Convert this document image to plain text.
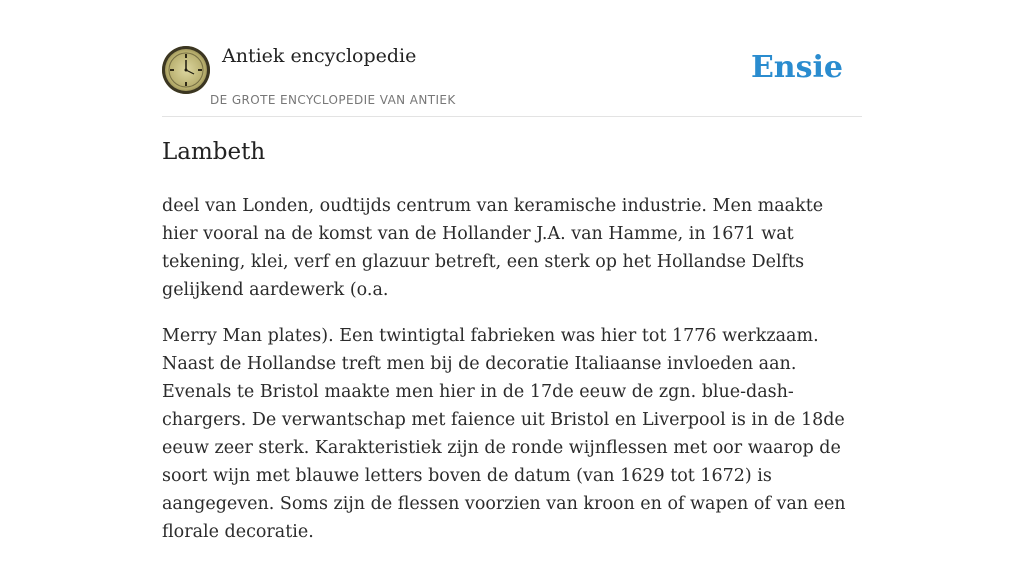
Antiek encyclopedie
DE GROTE ENCYCLOPEDIE VAN ANTIEK
Ensie
Lambeth

deel van Londen, oudtijds centrum van keramische industrie. Men maakte hier vooral na de komst van de Hollander J.A. van Hamme, in 1671 wat tekening, klei, verf en glazuur betreft, een sterk op het Hollandse Delfts gelijkend aardewerk (o.a.

Merry Man plates). Een twintigtal fabrieken was hier tot 1776 werkzaam. Naast de Hollandse treft men bij de decoratie Italiaanse invloeden aan. Evenals te Bristol maakte men hier in de 17de eeuw de zgn. blue-dash-chargers. De verwantschap met faience uit Bristol en Liverpool is in de 18de eeuw zeer sterk. Karakteristiek zijn de ronde wijnflessen met oor waarop de soort wijn met blauwe letters boven de datum (van 1629 tot 1672) is aangegeven. Soms zijn de flessen voorzien van kroon en of wapen of van een florale decoratie.
